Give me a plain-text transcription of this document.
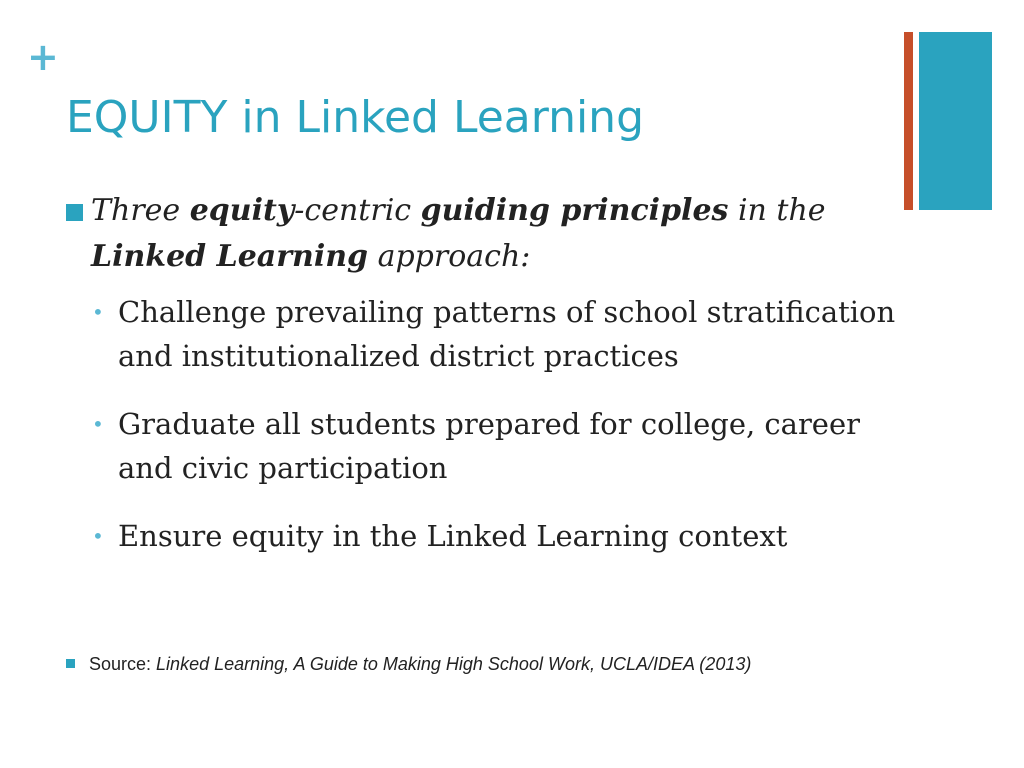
+
EQUITY in Linked Learning
Three equity-centric guiding principles in the Linked Learning approach:
• Challenge prevailing patterns of school stratification and institutionalized district practices
• Graduate all students prepared for college, career and civic participation
• Ensure equity in the Linked Learning context
Source: Linked Learning, A Guide to Making High School Work, UCLA/IDEA (2013)
